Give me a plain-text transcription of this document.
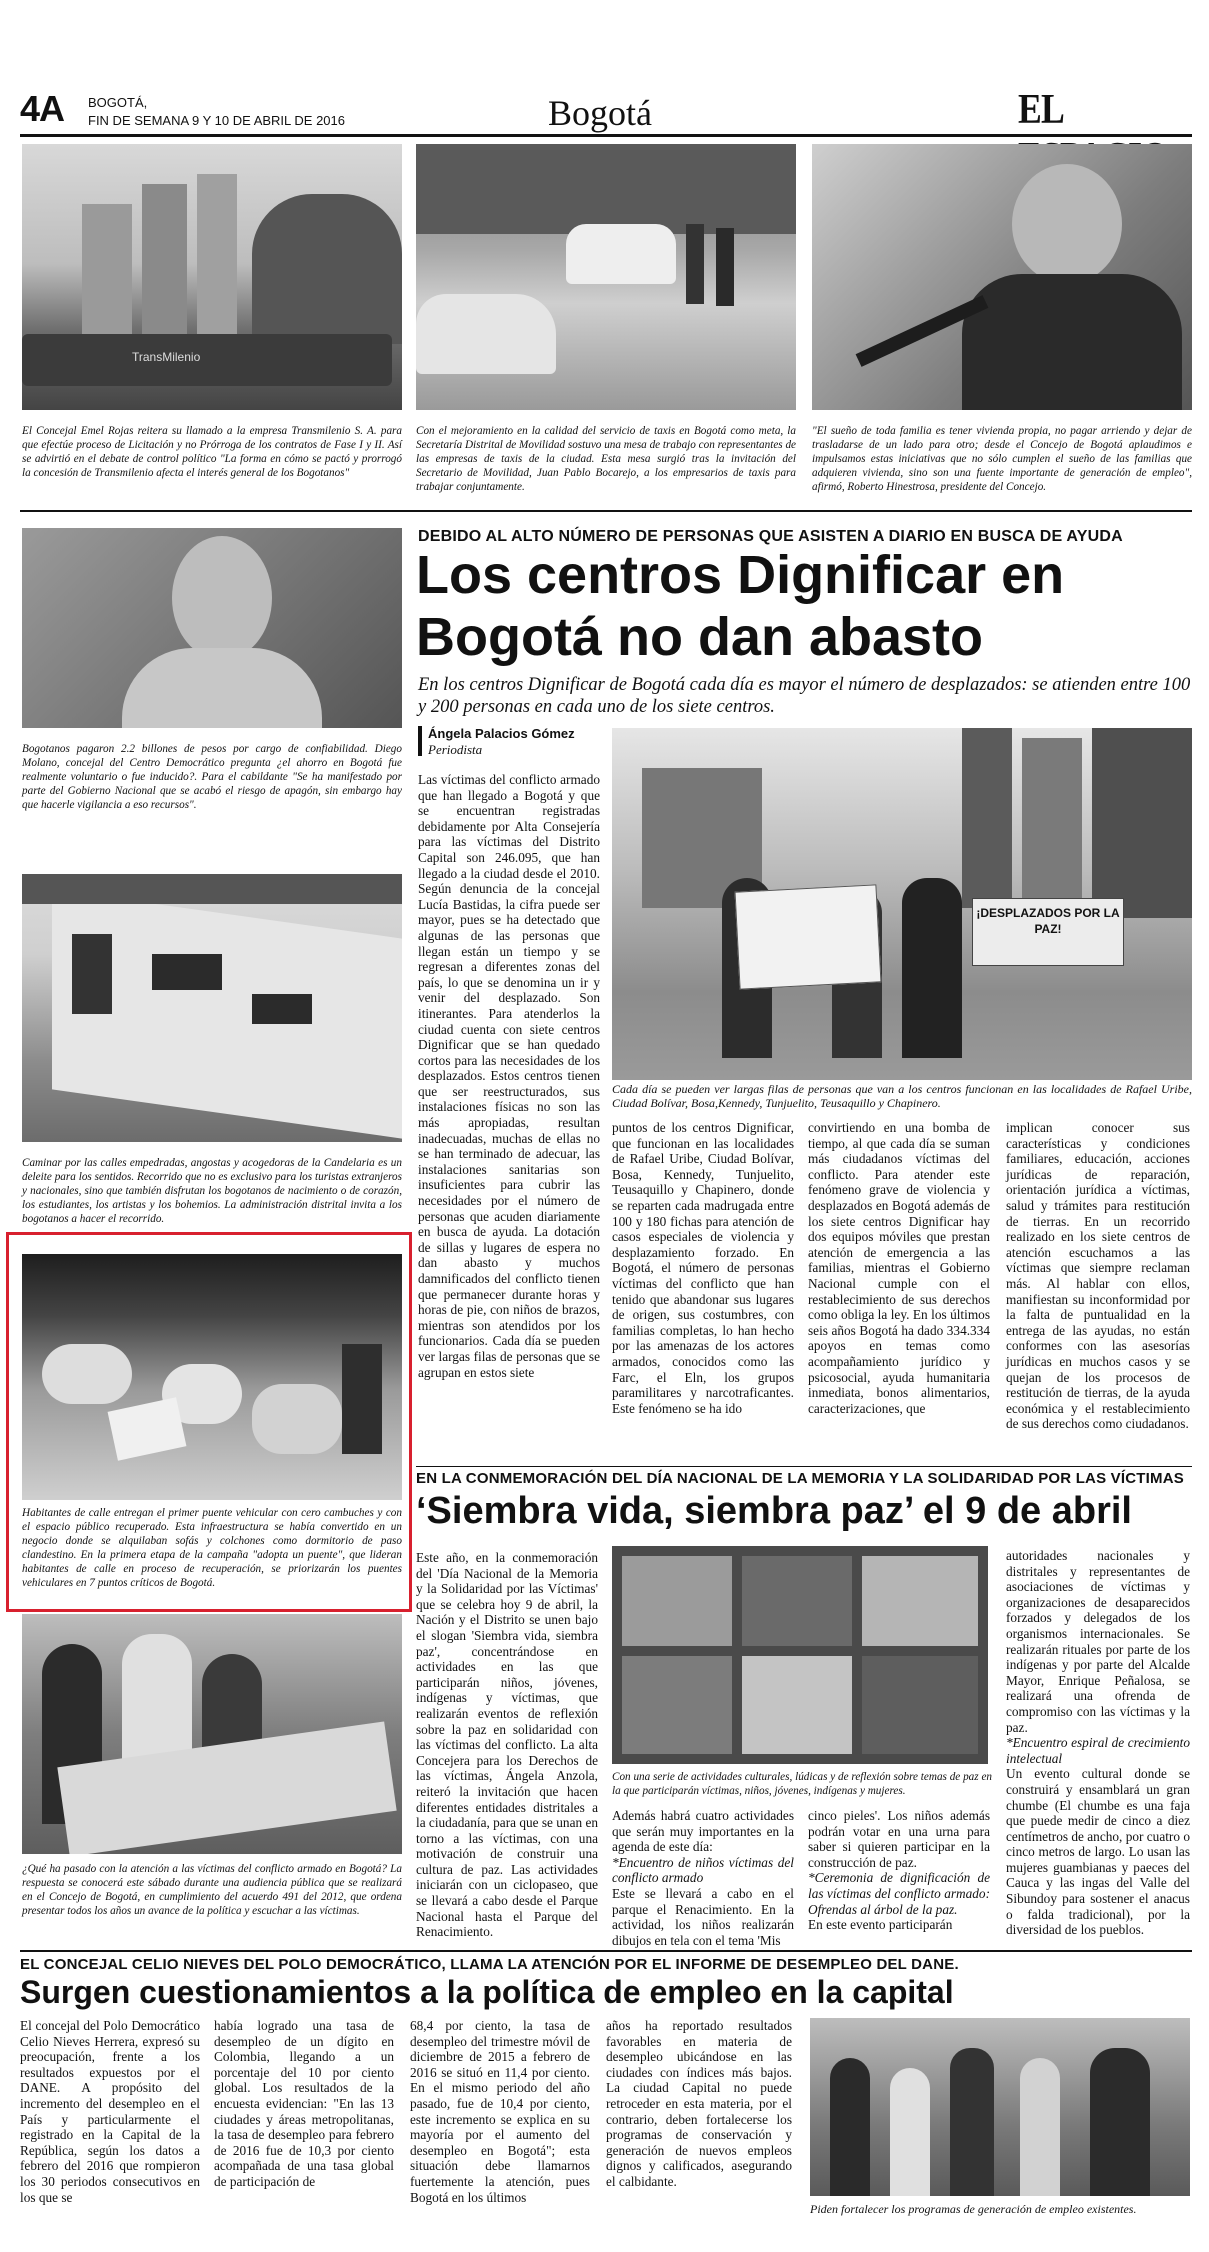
4A BOGOTÁ,
FIN DE SEMANA 9 Y 10 DE ABRIL DE 2016	Bogotá	EL
TransMilenio
El Concejal Emel Rojas reitera su llamado a la empresa Transmilenio S. A. para que efectúe proceso de Licitación y no Prórroga de los contratos de Fase I y II. Así se advirtió en el debate de control político "La forma en cómo se pactó y prorrogó la concesión de Transmilenio afecta el interés general de los Bogotanos"
Con el mejoramiento en la calidad del servicio de taxis en Bogotá como meta, la Secretaría Distrital de Movilidad sostuvo una mesa de trabajo con representantes de las empresas de taxis de la ciudad. Esta mesa surgió tras la invitación del Secretario de Movilidad, Juan Pablo Bocarejo, a los empresarios de taxis para trabajar conjuntamente.
"El sueño de toda familia es tener vivienda propia, no pagar arriendo y dejar de trasladarse de un lado para otro; desde el Concejo de Bogotá aplaudimos e impulsamos estas iniciativas que no sólo cumplen el sueño de las familias que adquieren vivienda, sino son una fuente importante de generación de empleo", afirmó, Roberto Hinestrosa, presidente del Concejo.
Bogotanos pagaron 2.2 billones de pesos por cargo de confiabilidad. Diego Molano, concejal del Centro Democrático pregunta ¿el ahorro en Bogotá fue realmente voluntario o fue inducido?. Para el cabildante "Se ha manifestado por parte del Gobierno Nacional que se acabó el riesgo de apagón, sin embargo hay que hacerle vigilancia a eso recursos".
Caminar por las calles empedradas, angostas y acogedoras de la Candelaria es un deleite para los sentidos. Recorrido que no es exclusivo para los turistas extranjeros y nacionales, sino que también disfrutan los bogotanos de nacimiento o de corazón, los estudiantes, los artistas y los bohemios. La administración distrital invita a los bogotanos a hacer el recorrido.
Habitantes de calle entregan el primer puente vehicular con cero cambuches y con el espacio público recuperado. Esta infraestructura se había convertido en un negocio donde se alquilaban sofás y colchones como dormitorio de paso clandestino. En la primera etapa de la campaña "adopta un puente", que lideran habitantes de calle en proceso de recuperación, se priorizarán los puentes vehiculares en 7 puntos críticos de Bogotá.
¿Qué ha pasado con la atención a las víctimas del conflicto armado en Bogotá? La respuesta se conocerá este sábado durante una audiencia pública que se realizará en el Concejo de Bogotá, en cumplimiento del acuerdo 491 del 2012, que ordena presentar todos los años un avance de la política y escuchar a las víctimas.
DEBIDO AL ALTO NÚMERO DE PERSONAS QUE ASISTEN A DIARIO EN BUSCA DE AYUDA
Los centros Dignificar en
Bogotá no dan abasto
En los centros Dignificar de Bogotá cada día es mayor el número de desplazados: se atienden entre 100 y 200 personas en cada uno de los siete centros.
Ángela Palacios Gómez
Periodista
Las víctimas del conflicto armado que han llegado a Bogotá y que se encuentran registradas debidamente por Alta Consejería para las víctimas del Distrito Capital son 246.095, que han llegado a la ciudad desde el 2010. Según denuncia de la concejal Lucía Bastidas, la cifra puede ser mayor, pues se ha detectado que algunas de las personas que llegan están un tiempo y se regresan a diferentes zonas del país, lo que se denomina un ir y venir del desplazado. Son itinerantes. Para atenderlos la ciudad cuenta con siete centros Dignificar que se han quedado cortos para las necesidades de los desplazados. Estos centros tienen que ser reestructurados, sus instalaciones físicas no son las más apropiadas, resultan inadecuadas, muchas de ellas no se han terminado de adecuar, las instalaciones sanitarias son insuficientes para cubrir las necesidades por el número de personas que acuden diariamente en busca de ayuda. La dotación de sillas y lugares de espera no dan abasto y muchos damnificados del conflicto tienen que permanecer durante horas y horas de pie, con niños de brazos, mientras son atendidos por los funcionarios. Cada día se pueden ver largas filas de personas que se agrupan en estos siete
¡DESPLAZADOS POR LA PAZ!
Cada día se pueden ver largas filas de personas que van a los centros funcionan en las localidades de Rafael Uribe, Ciudad Bolívar, Bosa,Kennedy, Tunjuelito, Teusaquillo y Chapinero.
puntos de los centros Dignificar, que funcionan en las localidades de Rafael Uribe, Ciudad Bolívar, Bosa, Kennedy, Tunjuelito, Teusaquillo y Chapinero, donde se reparten cada madrugada entre 100 y 180 fichas para atención de casos especiales de violencia y desplazamiento forzado. En Bogotá, el número de personas víctimas del conflicto que han tenido que abandonar sus lugares de origen, sus costumbres, con familias completas, lo han hecho por las amenazas de los actores armados, conocidos como las Farc, el Eln, los grupos paramilitares y narcotraficantes. Este fenómeno se ha ido
convirtiendo en una bomba de tiempo, al que cada día se suman más ciudadanos víctimas del conflicto. Para atender este fenómeno grave de violencia y desplazados en Bogotá además de los siete centros Dignificar hay dos equipos móviles que prestan atención de emergencia a las familias, mientras el Gobierno Nacional cumple con el restablecimiento de sus derechos como obliga la ley. En los últimos seis años Bogotá ha dado 334.334 apoyos en temas como acompañamiento jurídico y psicosocial, ayuda humanitaria inmediata, bonos alimentarios, caracterizaciones, que
implican conocer sus características y condiciones familiares, educación, acciones jurídicas de reparación, orientación jurídica a víctimas, salud y trámites para restitución de tierras. En un recorrido realizado en los siete centros de atención escuchamos a las víctimas que siempre reclaman más. Al hablar con ellos, manifiestan su inconformidad por la falta de puntualidad en la entrega de las ayudas, no están conformes con las asesorías jurídicas en muchos casos y se quejan de los procesos de restitución de tierras, de la ayuda económica y el restablecimiento de sus derechos como ciudadanos.
EN LA CONMEMORACIÓN DEL DÍA NACIONAL DE LA MEMORIA Y LA SOLIDARIDAD POR LAS VÍCTIMAS
‘Siembra vida, siembra paz’ el 9 de abril
Este año, en la conmemoración del 'Día Nacional de la Memoria y la Solidaridad por las Víctimas' que se celebra hoy 9 de abril, la Nación y el Distrito se unen bajo el slogan 'Siembra vida, siembra paz', concentrándose en actividades en las que participarán niños, jóvenes, indígenas y víctimas, que realizarán eventos de reflexión sobre la paz en solidaridad con las víctimas del conflicto. La alta Concejera para los Derechos de las víctimas, Ángela Anzola, reiteró la invitación que hacen diferentes entidades distritales a la ciudadanía, para que se unan en torno a las víctimas, con una motivación de construir una cultura de paz. Las actividades iniciarán con un ciclopaseo, que se llevará a cabo desde el Parque Nacional hasta el Parque del Renacimiento.
Con una serie de actividades culturales, lúdicas y de reflexión sobre temas de paz en la que participarán víctimas, niños, jóvenes, indígenas y mujeres.

Además habrá cuatro actividades que serán muy importantes en la agenda de este día:

*Encuentro de niños víctimas del conflicto armado

Este se llevará a cabo en el parque el Renacimiento. En la actividad, los niños realizarán dibujos en tela con el tema 'Mis

cinco pieles'. Los niños además podrán votar en una urna para saber si quieren participar en la construcción de paz.

*Ceremonia de dignificación de las víctimas del conflicto armado: Ofrendas al árbol de la paz.

En este evento participarán

autoridades nacionales y distritales y representantes de asociaciones de víctimas y organizaciones de desaparecidos forzados y delegados de los organismos internacionales. Se realizarán rituales por parte de los indígenas y por parte del Alcalde Mayor, Enrique Peñalosa, se realizará una ofrenda de compromiso con las víctimas y la paz.

*Encuentro espiral de crecimiento intelectual

Un evento cultural donde se construirá y ensamblará un gran chumbe (El chumbe es una faja que puede medir de cinco a diez centímetros de ancho, por cuatro o cinco metros de largo. Lo usan las mujeres guambianas y paeces del Cauca y las ingas del Valle del Sibundoy para sostener el anacus o falda tradicional), por la diversidad de los pueblos.

EL CONCEJAL CELIO NIEVES DEL POLO DEMOCRÁTICO, LLAMA LA ATENCIÓN POR EL INFORME DE DESEMPLEO DEL DANE.
Surgen cuestionamientos a la política de empleo en la capital
El concejal del Polo Democrático Celio Nieves Herrera, expresó su preocupación, frente a los resultados expuestos por el DANE. A propósito del incremento del desempleo en el País y particularmente el registrado en la Capital de la República, según los datos a febrero del 2016 que rompieron los 30 periodos consecutivos en los que se
había logrado una tasa de desempleo de un dígito en Colombia, llegando a un porcentaje del 10 por ciento global. Los resultados de la encuesta evidencian: "En las 13 ciudades y áreas metropolitanas, la tasa de desempleo para febrero de 2016 fue de 10,3 por ciento acompañada de una tasa global de participación de
68,4 por ciento, la tasa de desempleo del trimestre móvil de diciembre de 2015 a febrero de 2016 se situó en 11,4 por ciento. En el mismo periodo del año pasado, fue de 10,4 por ciento, este incremento se explica en su mayoría por el aumento del desempleo en Bogotá"; esta situación debe llamarnos fuertemente la atención, pues Bogotá en los últimos
años ha reportado resultados favorables en materia de desempleo ubicándose en las ciudades con índices más bajos. La ciudad Capital no puede retroceder en esta materia, por el contrario, deben fortalecerse los programas de conservación y generación de nuevos empleos dignos y calificados, asegurando el calbidante.
Piden fortalecer los programas de generación de empleo existentes.
